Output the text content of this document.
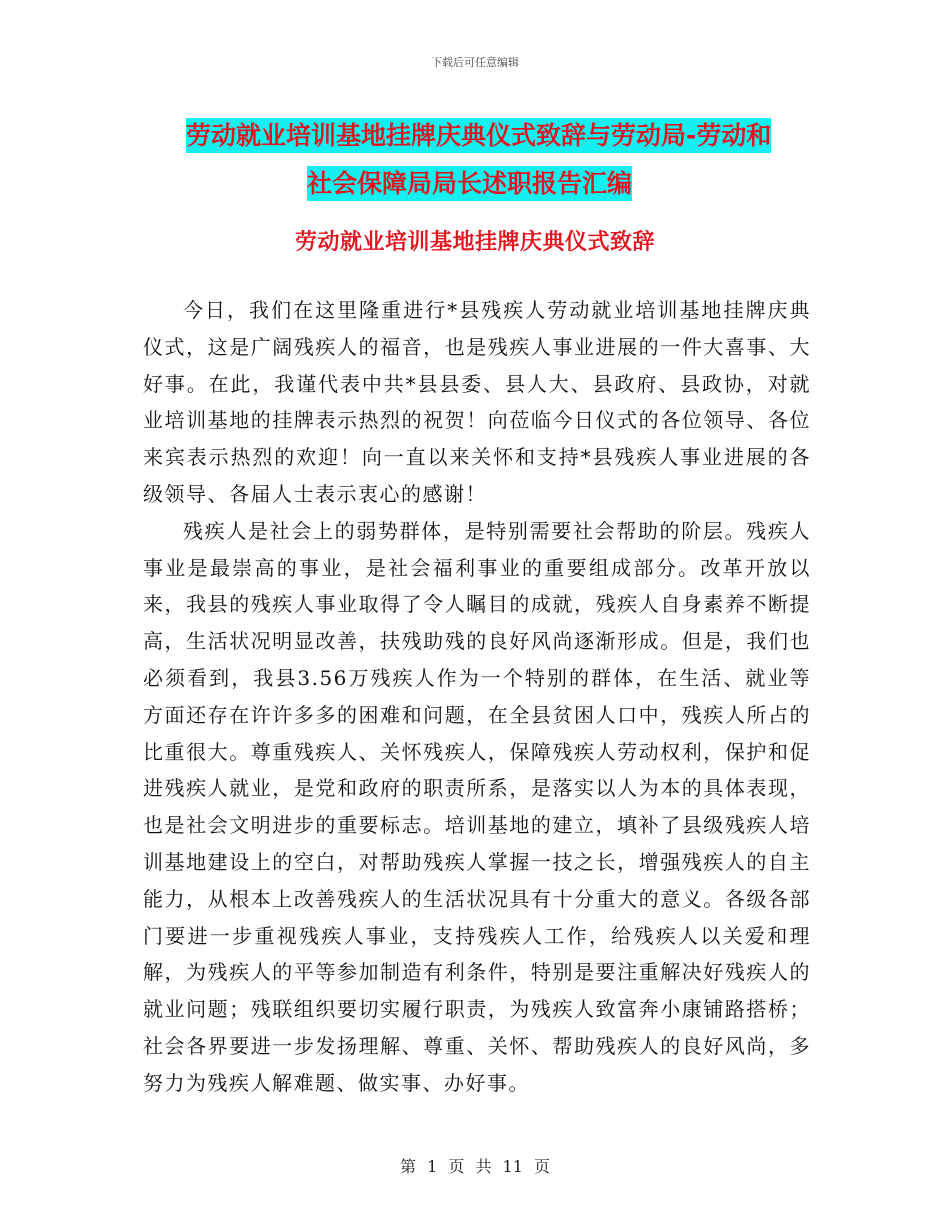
下载后可任意编辑
劳动就业培训基地挂牌庆典仪式致辞与劳动局-劳动和
社会保障局局长述职报告汇编
劳动就业培训基地挂牌庆典仪式致辞

今日，我们在这里隆重进行*县残疾人劳动就业培训基地挂牌庆典仪式，这是广阔残疾人的福音，也是残疾人事业进展的一件大喜事、大好事。在此，我谨代表中共*县县委、县人大、县政府、县政协，对就业培训基地的挂牌表示热烈的祝贺！向莅临今日仪式的各位领导、各位来宾表示热烈的欢迎！向一直以来关怀和支持*县残疾人事业进展的各级领导、各届人士表示衷心的感谢！

残疾人是社会上的弱势群体，是特别需要社会帮助的阶层。残疾人事业是最崇高的事业，是社会福利事业的重要组成部分。改革开放以来，我县的残疾人事业取得了令人瞩目的成就，残疾人自身素养不断提高，生活状况明显改善，扶残助残的良好风尚逐渐形成。但是，我们也必须看到，我县3.56万残疾人作为一个特别的群体，在生活、就业等方面还存在许许多多的困难和问题，在全县贫困人口中，残疾人所占的比重很大。尊重残疾人、关怀残疾人，保障残疾人劳动权利，保护和促进残疾人就业，是党和政府的职责所系，是落实以人为本的具体表现，也是社会文明进步的重要标志。培训基地的建立，填补了县级残疾人培训基地建设上的空白，对帮助残疾人掌握一技之长，增强残疾人的自主能力，从根本上改善残疾人的生活状况具有十分重大的意义。各级各部门要进一步重视残疾人事业，支持残疾人工作，给残疾人以关爱和理解，为残疾人的平等参加制造有利条件，特别是要注重解决好残疾人的就业问题；残联组织要切实履行职责，为残疾人致富奔小康铺路搭桥；社会各界要进一步发扬理解、尊重、关怀、帮助残疾人的良好风尚，多努力为残疾人解难题、做实事、办好事。

第 1 页 共 11 页
